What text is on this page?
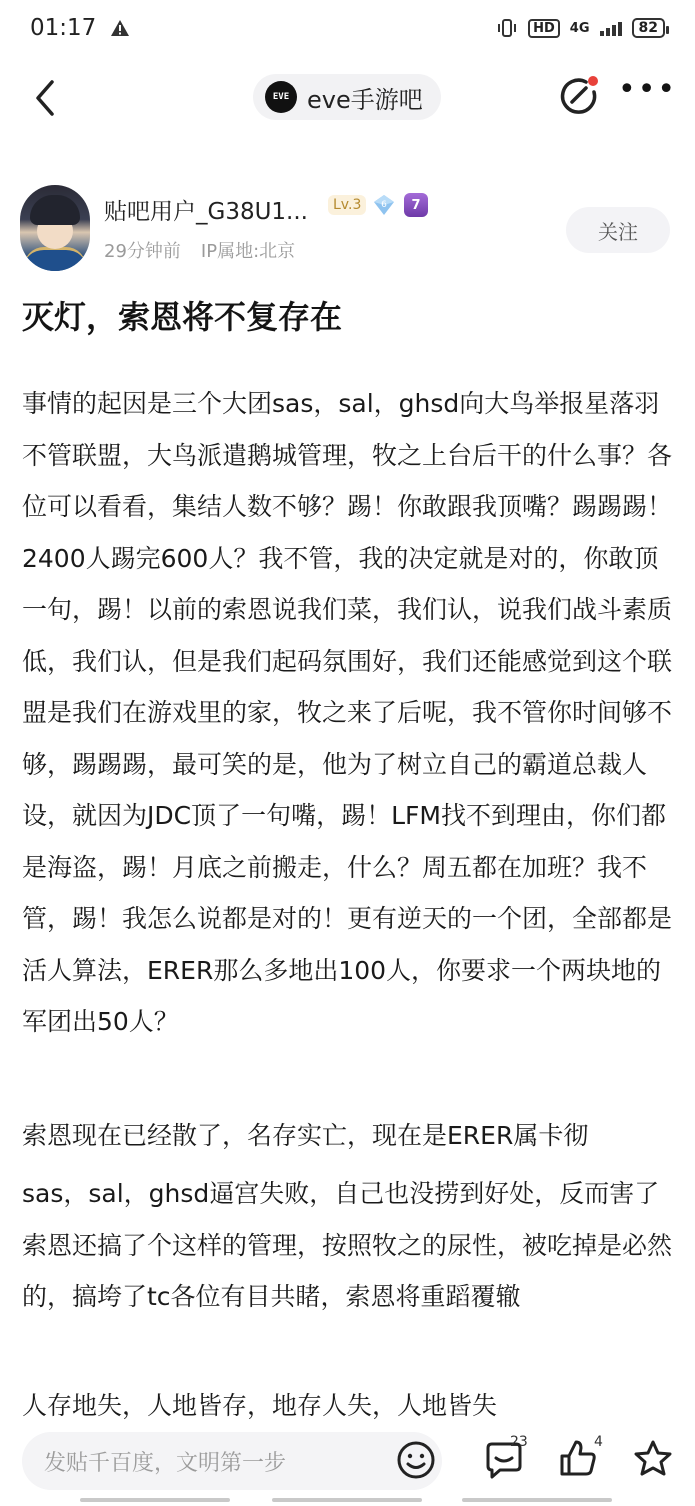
01:17	HD	4G	82
EVE eve手游吧	•••
贴吧用户_G38U1...	Lv.3	6 7
29分钟前 IP属地:北京
关注
灭灯，索恩将不复存在

事情的起因是三个大团sas，sal，ghsd向大鸟举报星落羽不管联盟，大鸟派遣鹅城管理，牧之上台后干的什么事？各位可以看看，集结人数不够？踢！你敢跟我顶嘴？踢踢踢！2400人踢完600人？我不管，我的决定就是对的，你敢顶一句，踢！以前的索恩说我们菜，我们认，说我们战斗素质低，我们认，但是我们起码氛围好，我们还能感觉到这个联盟是我们在游戏里的家，牧之来了后呢，我不管你时间够不够，踢踢踢，最可笑的是，他为了树立自己的霸道总裁人设，就因为JDC顶了一句嘴，踢！LFM找不到理由，你们都是海盗，踢！月底之前搬走，什么？周五都在加班？我不管，踢！我怎么说都是对的！更有逆天的一个团，全部都是活人算法，ERER那么多地出100人，你要求一个两块地的军团出50人？

索恩现在已经散了，名存实亡，现在是ERER属卡彻

sas，sal，ghsd逼宫失败，自己也没捞到好处，反而害了索恩还搞了个这样的管理，按照牧之的尿性，被吃掉是必然的，搞垮了tc各位有目共睹，索恩将重蹈覆辙

人存地失，人地皆存，地存人失，人地皆失

发贴千百度，文明第一步
23	4
